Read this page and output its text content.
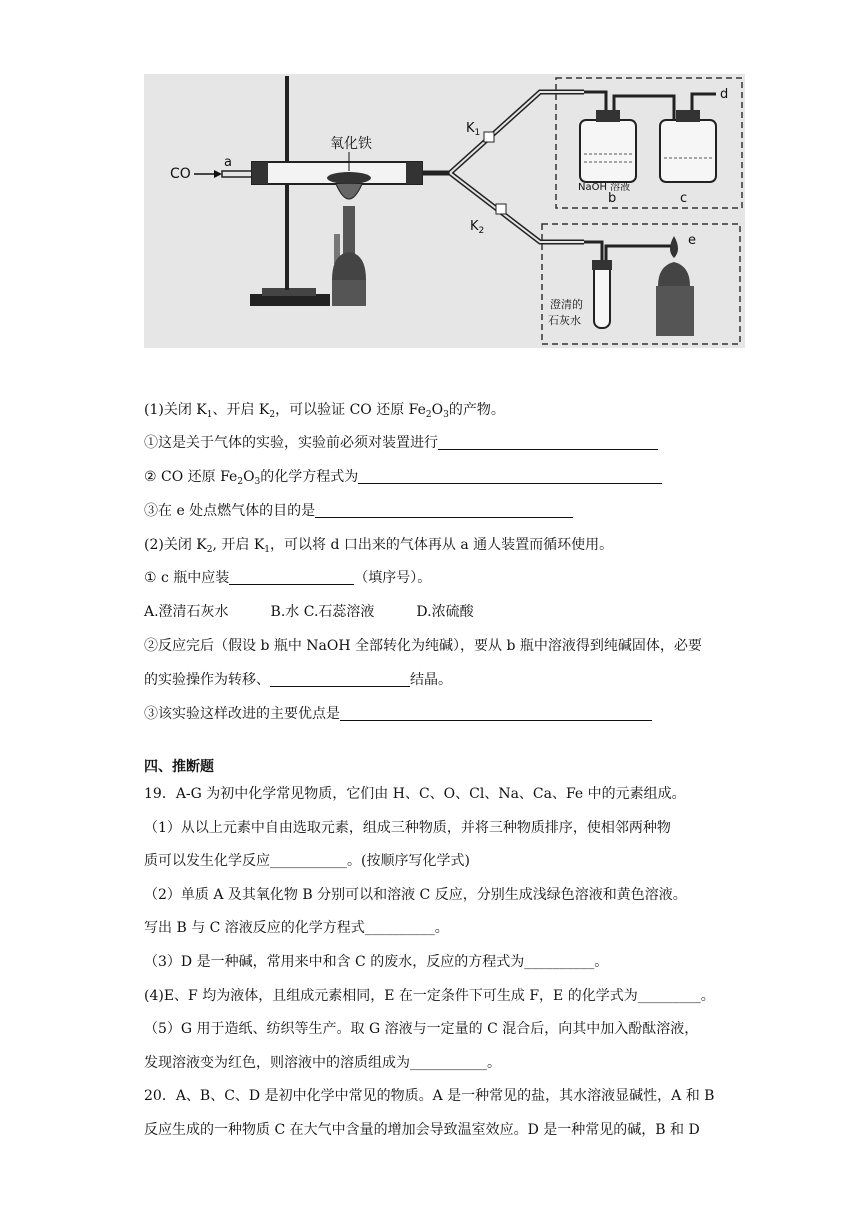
CO
a
氧化铁
$K_1$
$K_2$
NaOH 溶液
b
d
c
澄清的
石灰水
e
(1)关闭 $K_1$、开启 $K_2$，可以验证 CO 还原 $Fe_2O_3$的产物。
①这是关于气体的实验，实验前必须对装置进行
② CO 还原 $Fe_2O_3$的化学方程式为
③在 e 处点燃气体的目的是
(2)关闭 $K_2$, 开启 $K_1$，可以将 d 口出来的气体再从 a 通人装置而循环使用。
① c 瓶中应装	（填序号）。
A.澄清石灰水　　　B.水 C.石蕊溶液　　　D.浓硫酸
②反应完后（假设 b 瓶中 NaOH 全部转化为纯碱），要从 b 瓶中溶液得到纯碱固体，必要
的实验操作为转移、	结晶。
③该实验这样改进的主要优点是
四、推断题
19．A-G 为初中化学常见物质，它们由 H、C、O、Cl、Na、Ca、Fe 中的元素组成。
（1）从以上元素中自由选取元素，组成三种物质，并将三种物质排序，使相邻两种物
质可以发生化学反应___________。(按顺序写化学式)
（2）单质 A 及其氧化物 B 分别可以和溶液 C 反应，分别生成浅绿色溶液和黄色溶液。
写出 B 与 C 溶液反应的化学方程式__________。
（3）D 是一种碱，常用来中和含 C 的废水，反应的方程式为__________。
(4)E、F 均为液体，且组成元素相同，E 在一定条件下可生成 F，E 的化学式为_________。
（5）G 用于造纸、纺织等生产。取 G 溶液与一定量的 C 混合后，向其中加入酚酞溶液，
发现溶液变为红色，则溶液中的溶质组成为___________。
20．A、B、C、D 是初中化学中常见的物质。A 是一种常见的盐，其水溶液显碱性，A 和 B
反应生成的一种物质 C 在大气中含量的增加会导致温室效应。D 是一种常见的碱，B 和 D
